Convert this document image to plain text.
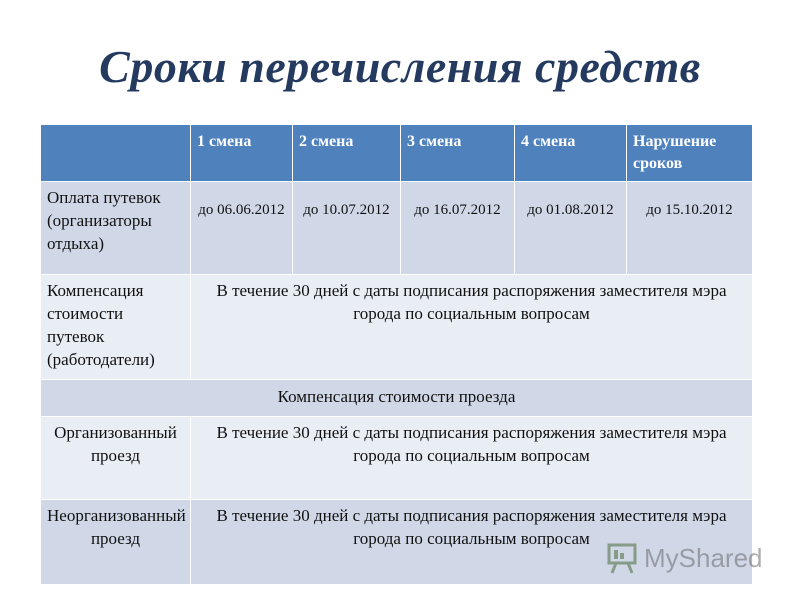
Сроки перечисления средств
	1 смена	2 смена	3 смена	4 смена	Нарушение сроков
Оплата путевок (организаторы отдыха)	до 06.06.2012	до 10.07.2012	до 16.07.2012	до 01.08.2012	до 15.10.2012
Компенсация стоимости путевок (работодатели)	В течение 30 дней с даты подписания распоряжения заместителя мэра города по социальным вопросам				
Компенсация стоимости проезда					
Организованный проезд	В течение 30 дней с даты подписания распоряжения заместителя мэра города по социальным вопросам				
Неорганизованный проезд	В течение 30 дней с даты подписания распоряжения заместителя мэра города по социальным вопросам				
MyShared
